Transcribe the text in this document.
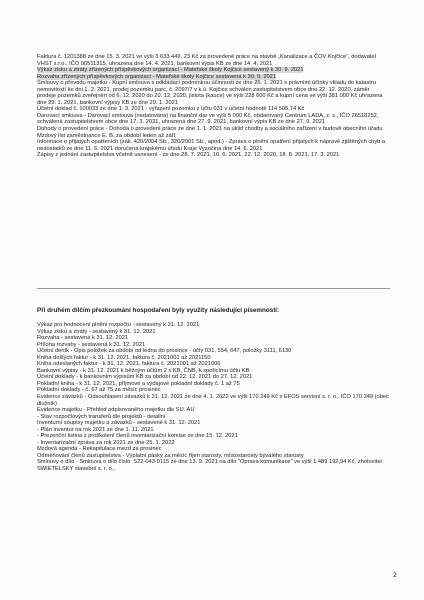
Faktura č. 1201388 ze dne 15. 3. 2021 ve výši 3 633 449, 23 Kč za provedené práce na stavbě „Kanalizace a ČOV Kojčice“, dodavatel VHST s.r.o., IČO 00511315, uhrazena dne 14. 4. 2021, bankovní výpis KB ze dne 14. 4. 2021

Výkaz zisku a ztráty zřízených příspěvkových organizací - Mateřské školy Kojčice sestavený k 30. 9. 2021

Rozvaha zřízených příspěvkových organizací - Mateřské školy Kojčice sestavená k 30. 9. 2021

Smlouvy o převodu majetku - Kupní smlouva s odkládací podmínkou účinnosti ze dne 26. 1. 2021 s právními účinky vkladu do katastru nemovitostí ke dni 1. 2. 2021, prodej pozemku parc. č. 2097/7 v k.ú. Kojčice schválen zastupitelstvem obce dne 22. 12. 2020, záměr prodeje pozemků zveřejněn od 6. 12. 2020 do 20. 12. 2020, jistota (kauce) ve výši 228 600 Kč a kupní cena ve výši 381 000 Kč uhrazena dne 29. 1. 2021, bankovní výpisy KB ze dne 29. 1. 2021

Účetní doklad č. 100033 ze dne 1. 3. 2021 - vyřazení pozemku z účtu 031 v účetní hodnotě 114 505,74 Kč

Darovací smlouva - Darovací smlouva (nedatována) na finanční dar ve výši 5 000 Kč, obdarovaný Centrum LADA, z. s., IČO 26518252, schválená zastupitelstvem obce dne 17. 3. 2021, uhrazená dne 27. 9. 2021, bankovní výpis KB ze dne 27. 9. 2021

Dohody o provedení práce - Dohoda o provedení práce ze dne 1. 1. 2021 na úklid chodby a sociálního zařízení v budově obecního úřadu

Mzdový list zaměstnance E. B. za období leden až září

Informace o přijatých opatřeních (zák. 420/2004 Sb., 320/2001 Sb., apod.) - Zpráva o plnění opatření přijatých k nápravě zjištěných chyb a nedostatků ze dne 11. 6. 2021 doručená krajskému úřadu Kraje Vysočina dne 14. 6. 2021

Zápisy z jednání zastupitelstva včetně usnesení - ze dne 28. 7. 2021, 10. 6. 2021, 22. 12. 2020, 18. 8. 2021, 17. 3. 2021

Při druhém dílčím přezkoumání hospodaření byly využity následující písemnosti:

Výkaz pro hodnocení plnění rozpočtu - sestavený k 31. 12. 2021

Výkaz zisku a ztráty - sestavený k 31. 12. 2021

Rozvaha - sestavená k 31. 12. 2021

Příloha rozvahy - sestavená k 31. 12. 2021

Účetní deník - Opis položek za období od ledna do prosince - účty 031, 554, 647, položky 3111, 6130

Kniha došlých faktur - k 31. 12. 2021, faktura č. 2021001 až 2021150

Kniha odeslaných faktur - k 31. 12. 2021, faktura č. 2021001 až 2021006

Bankovní výpisy - k 31. 12. 2021 k běžným účtům 2 x KB, ČNB, k spořicímu účtu KB

Účetní doklady - k bankovním výpisům KB za období od 22. 12. 2021 do 27. 12. 2021

Pokladní kniha - k 31. 12. 2021, příjmové a výdajové pokladní doklady č. 1 až 75

Pokladní doklady - č. 67 až 75 za měsíc prosinec

Evidence závazků - Odsouhlasení závazků k 31. 12. 2021 ze dne 4. 1. 2022 ve výši 170 249 Kč s EFOS servisní s. r. o., IČO 170 249 (obec dlužník)

Evidence majetku - Přehled odpisovaného majetku dle SU. AU

- Stav rozpočtových transferů dle projektů - detailní

Inventurní soupisy majetku a závazků - sestavené k 31. 12. 2021

- Plán inventur na rok 2021 ze dne 1. 11. 2021

- Prezenční listina z proškolení členů inventarizační komise ze dne 15. 12. 2021

- Inventarizační zpráva za rok 2021 ze dne 25. 1. 2022

Mzdová agenda - Rekapitulace mezd za prosinec

Odměňování členů zastupitelstva - Výplatní pásky za měsíc říjen starosty, místostarosty bývalého starosty

Smlouvy o dílo - Smlouva o dílo číslo: S22-043-0115 ze dne 13. 9. 2021 na dílo "Oprava komunikace" ve výši 1 489 192,94 Kč, zhotovitel SWIETELSKY stavební s. r. o.,

2
